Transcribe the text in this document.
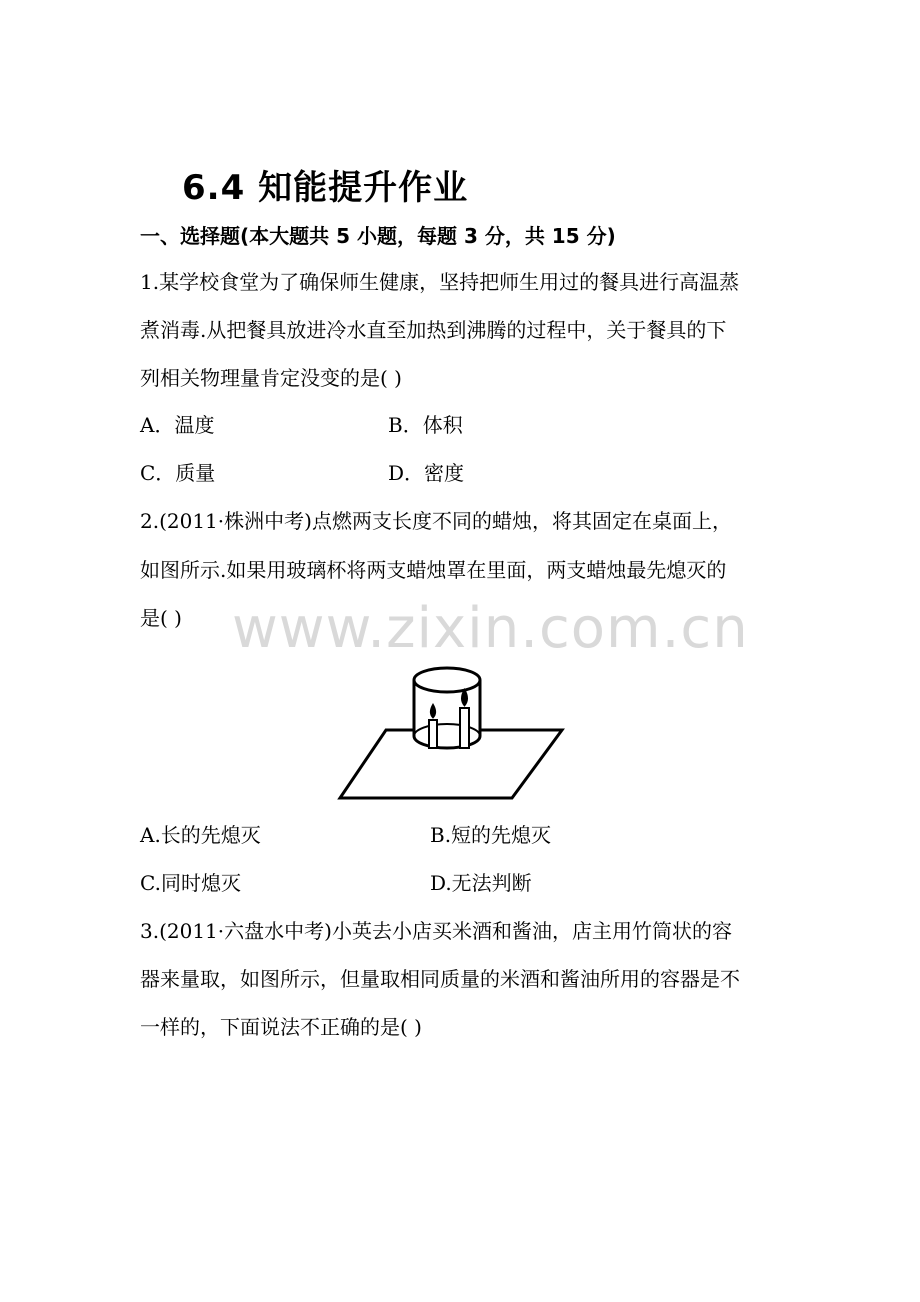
www.zixin.com.cn
6.4 知能提升作业
一、选择题(本大题共 5 小题，每题 3 分，共 15 分)
1.某学校食堂为了确保师生健康，坚持把师生用过的餐具进行高温蒸
煮消毒.从把餐具放进冷水直至加热到沸腾的过程中，关于餐具的下
列相关物理量肯定没变的是( )
A．温度	B．体积
C．质量	D．密度
2.(2011·株洲中考)点燃两支长度不同的蜡烛，将其固定在桌面上，
如图所示.如果用玻璃杯将两支蜡烛罩在里面，两支蜡烛最先熄灭的
是( )
A.长的先熄灭	B.短的先熄灭
C.同时熄灭	D.无法判断
3.(2011·六盘水中考)小英去小店买米酒和酱油，店主用竹筒状的容
器来量取，如图所示，但量取相同质量的米酒和酱油所用的容器是不
一样的，下面说法不正确的是( )
